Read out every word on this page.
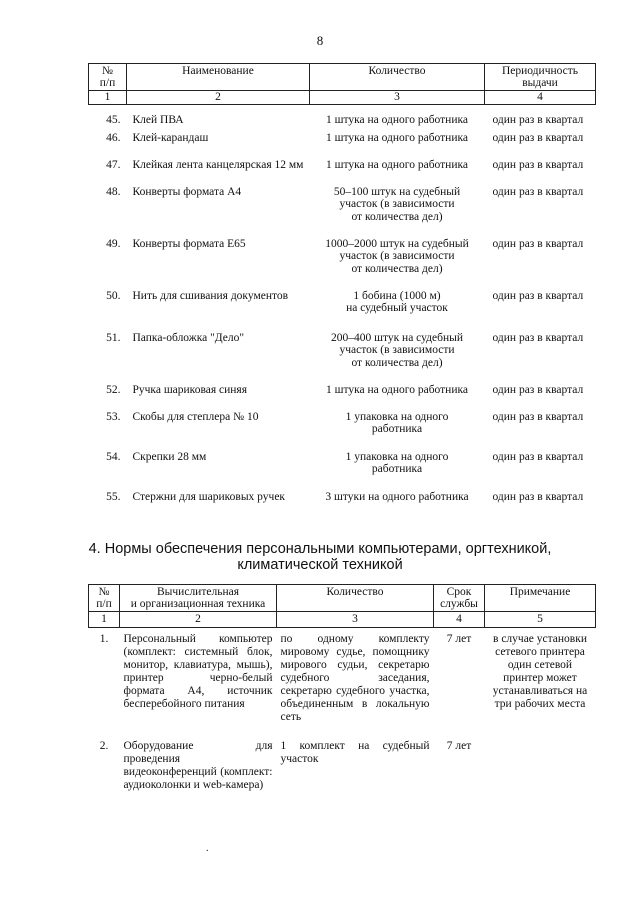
8
№
п/п	Наименование	Количество	Периодичность
выдачи
1	2	3	4
45.	Клей ПВА	1 штука на одного работника	один раз в квартал
46.	Клей-карандаш	1 штука на одного работника	один раз в квартал
47.	Клейкая лента канцелярская 12 мм	1 штука на одного работника	один раз в квартал
48.	Конверты формата А4	50–100 штук на судебный
участок (в зависимости
от количества дел)	один раз в квартал
49.	Конверты формата Е65	1000–2000 штук на судебный
участок (в зависимости
от количества дел)	один раз в квартал
50.	Нить для сшивания документов	1 бобина (1000 м)
на судебный участок	один раз в квартал
51.	Папка-обложка "Дело"	200–400 штук на судебный
участок (в зависимости
от количества дел)	один раз в квартал
52.	Ручка шариковая синяя	1 штука на одного работника	один раз в квартал
53.	Скобы для степлера № 10	1 упаковка на одного
работника	один раз в квартал
54.	Скрепки 28 мм	1 упаковка на одного
работника	один раз в квартал
55.	Стержни для шариковых ручек	3 штуки на одного работника	один раз в квартал
4. Нормы обеспечения персональными компьютерами, оргтехникой,
климатической техникой
№
п/п	Вычислительная
и организационная техника	Количество	Срок
службы	Примечание
1	2	3	4	5
1.	Персональный компьютер (комплект: системный блок, монитор, клавиатура, мышь), принтер черно-белый формата А4, источник бесперебойного питания	по одному комплекту мировому судье, помощнику мирового судьи, секретарю судебного заседания, секретарю судебного участка, объединенным в локальную сеть	7 лет	в случае установки сетевого принтера один сетевой принтер может устанавливаться на три рабочих места
2.	Оборудование для проведения видеоконференций (комплект: аудиоколонки и web-камера)	1 комплект на судебный участок	7 лет	
.
